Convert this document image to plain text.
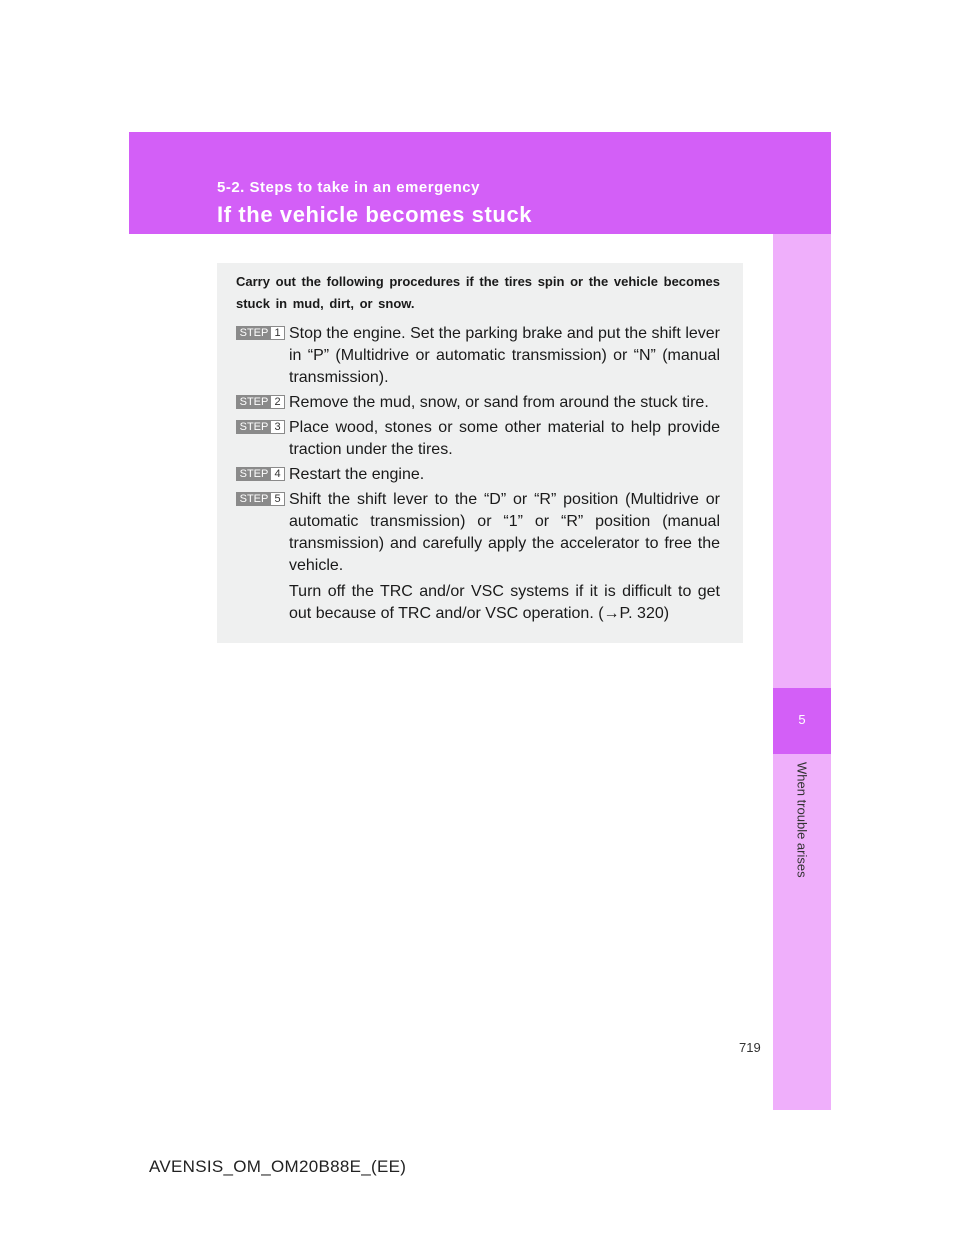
5-2. Steps to take in an emergency
If the vehicle becomes stuck
5
When trouble arises
Carry out the following procedures if the tires spin or the vehicle becomes stuck in mud, dirt, or snow.
STEP 1 Stop the engine. Set the parking brake and put the shift lever in “P” (Multidrive or automatic transmission) or “N” (manual transmission).
STEP 2 Remove the mud, snow, or sand from around the stuck tire.
STEP 3 Place wood, stones or some other material to help provide traction under the tires.
STEP 4 Restart the engine.
STEP 5 Shift the shift lever to the “D” or “R” position (Multidrive or automatic transmission) or “1” or “R” position (manual transmission) and carefully apply the accelerator to free the vehicle.
Turn off the TRC and/or VSC systems if it is difficult to get out because of TRC and/or VSC operation. (→P. 320)
719
AVENSIS_OM_OM20B88E_(EE)
